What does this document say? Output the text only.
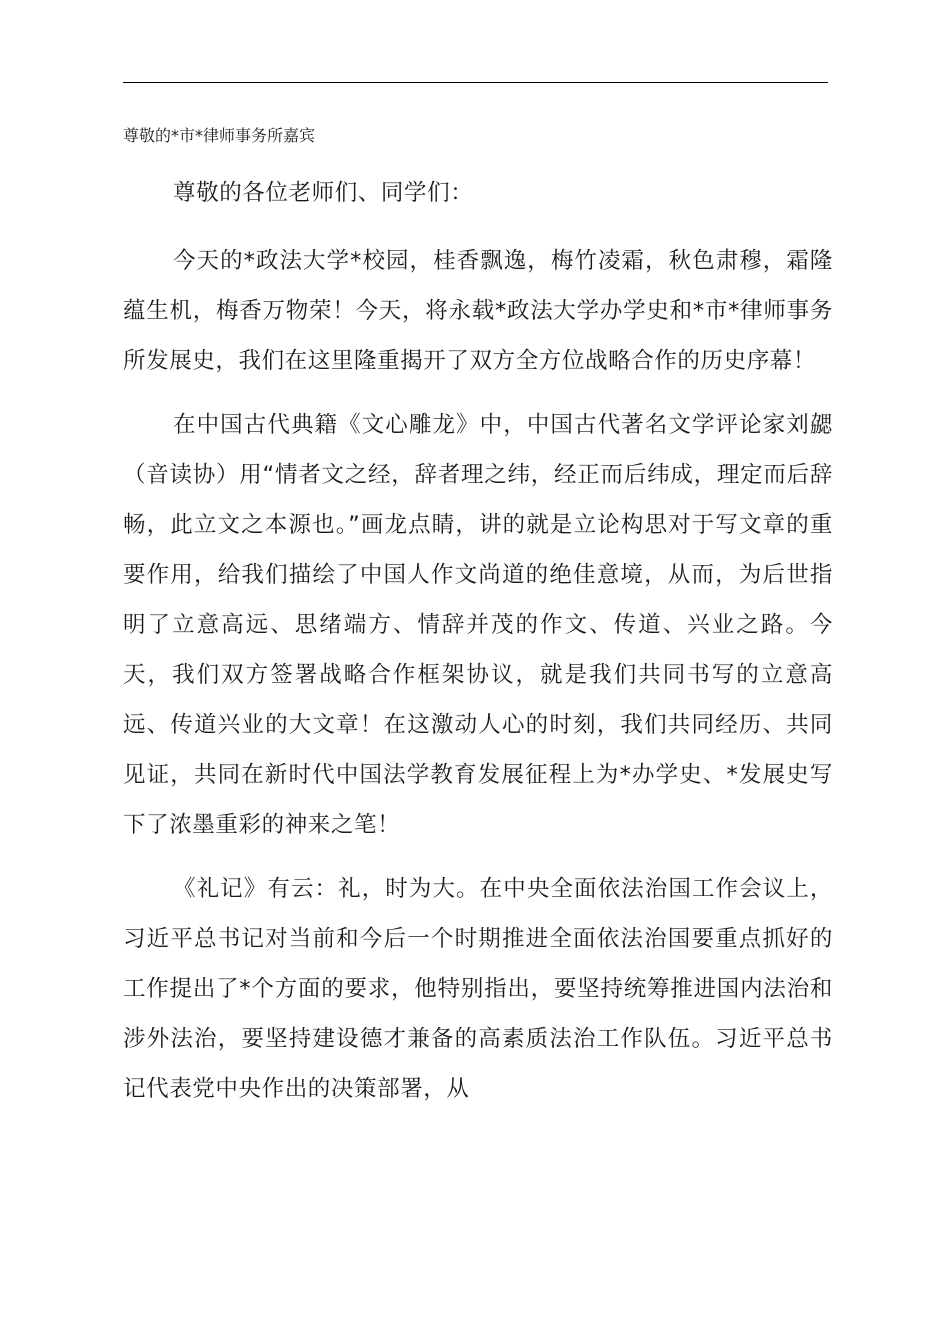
尊敬的*市*律师事务所嘉宾

尊敬的各位老师们、同学们：

今天的*政法大学*校园，桂香飘逸，梅竹凌霜，秋色肃穆，霜隆蕴生机，梅香万物荣！今天，将永载*政法大学办学史和*市*律师事务所发展史，我们在这里隆重揭开了双方全方位战略合作的历史序幕！

在中国古代典籍《文心雕龙》中，中国古代著名文学评论家刘勰（音读协）用“情者文之经，辞者理之纬，经正而后纬成，理定而后辞畅，此立文之本源也。”画龙点睛，讲的就是立论构思对于写文章的重要作用，给我们描绘了中国人作文尚道的绝佳意境，从而，为后世指明了立意高远、思绪端方、情辞并茂的作文、传道、兴业之路。今天，我们双方签署战略合作框架协议，就是我们共同书写的立意高远、传道兴业的大文章！在这激动人心的时刻，我们共同经历、共同见证，共同在新时代中国法学教育发展征程上为*办学史、*发展史写下了浓墨重彩的神来之笔！

《礼记》有云：礼，时为大。在中央全面依法治国工作会议上，习近平总书记对当前和今后一个时期推进全面依法治国要重点抓好的工作提出了*个方面的要求，他特别指出，要坚持统筹推进国内法治和涉外法治，要坚持建设德才兼备的高素质法治工作队伍。习近平总书记代表党中央作出的决策部署，从
